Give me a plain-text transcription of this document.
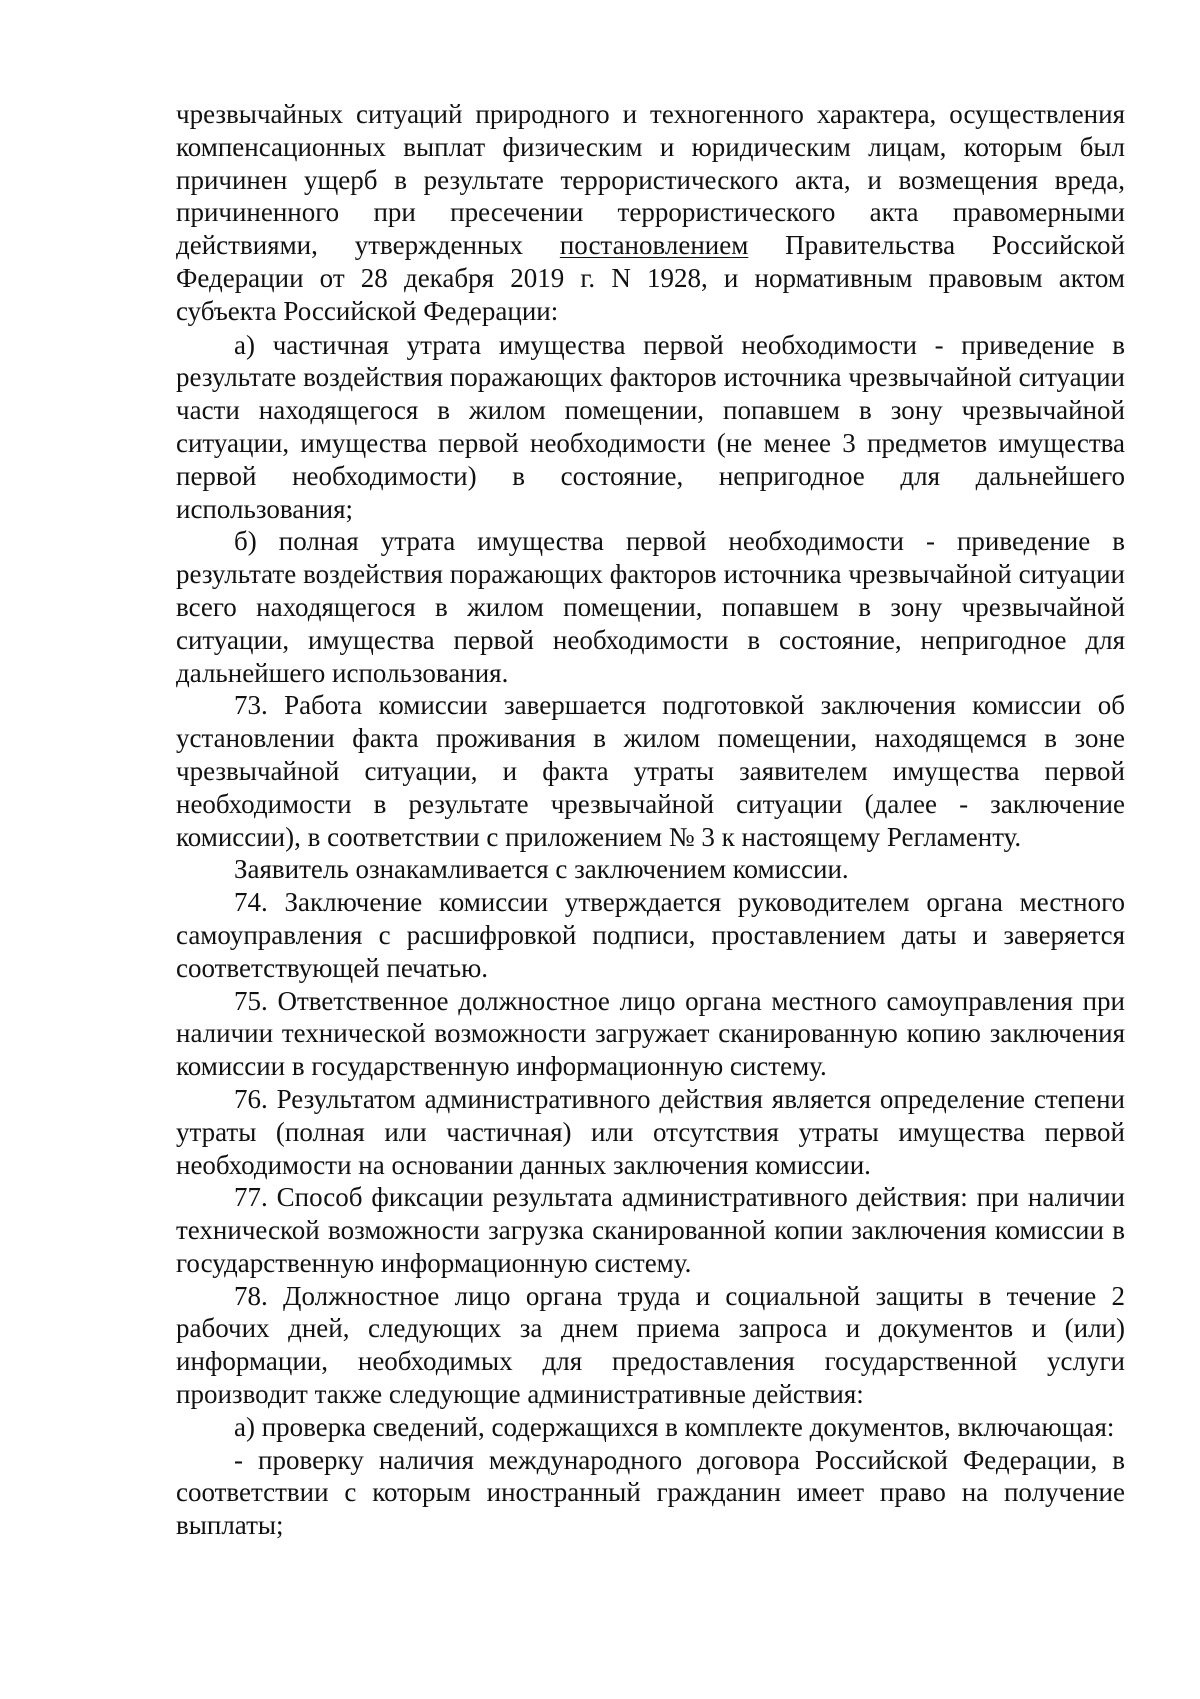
чрезвычайных ситуаций природного и техногенного характера, осуществления компенсационных выплат физическим и юридическим лицам, которым был причинен ущерб в результате террористического акта, и возмещения вреда, причиненного при пресечении террористического акта правомерными действиями, утвержденных постановлением Правительства Российской Федерации от 28 декабря 2019 г. N 1928, и нормативным правовым актом субъекта Российской Федерации:

а) частичная утрата имущества первой необходимости - приведение в результате воздействия поражающих факторов источника чрезвычайной ситуации части находящегося в жилом помещении, попавшем в зону чрезвычайной ситуации, имущества первой необходимости (не менее 3 предметов имущества первой необходимости) в состояние, непригодное для дальнейшего использования;

б) полная утрата имущества первой необходимости - приведение в результате воздействия поражающих факторов источника чрезвычайной ситуации всего находящегося в жилом помещении, попавшем в зону чрезвычайной ситуации, имущества первой необходимости в состояние, непригодное для дальнейшего использования.

73. Работа комиссии завершается подготовкой заключения комиссии об установлении факта проживания в жилом помещении, находящемся в зоне чрезвычайной ситуации, и факта утраты заявителем имущества первой необходимости в результате чрезвычайной ситуации (далее - заключение комиссии), в соответствии с приложением № 3 к настоящему Регламенту.

Заявитель ознакамливается с заключением комиссии.

74. Заключение комиссии утверждается руководителем органа местного самоуправления с расшифровкой подписи, проставлением даты и заверяется соответствующей печатью.

75. Ответственное должностное лицо органа местного самоуправления при наличии технической возможности загружает сканированную копию заключения комиссии в государственную информационную систему.

76. Результатом административного действия является определение степени утраты (полная или частичная) или отсутствия утраты имущества первой необходимости на основании данных заключения комиссии.

77. Способ фиксации результата административного действия: при наличии технической возможности загрузка сканированной копии заключения комиссии в государственную информационную систему.

78. Должностное лицо органа труда и социальной защиты в течение 2 рабочих дней, следующих за днем приема запроса и документов и (или) информации, необходимых для предоставления государственной услуги производит также следующие административные действия:

а) проверка сведений, содержащихся в комплекте документов, включающая:

- проверку наличия международного договора Российской Федерации, в соответствии с которым иностранный гражданин имеет право на получение выплаты;
